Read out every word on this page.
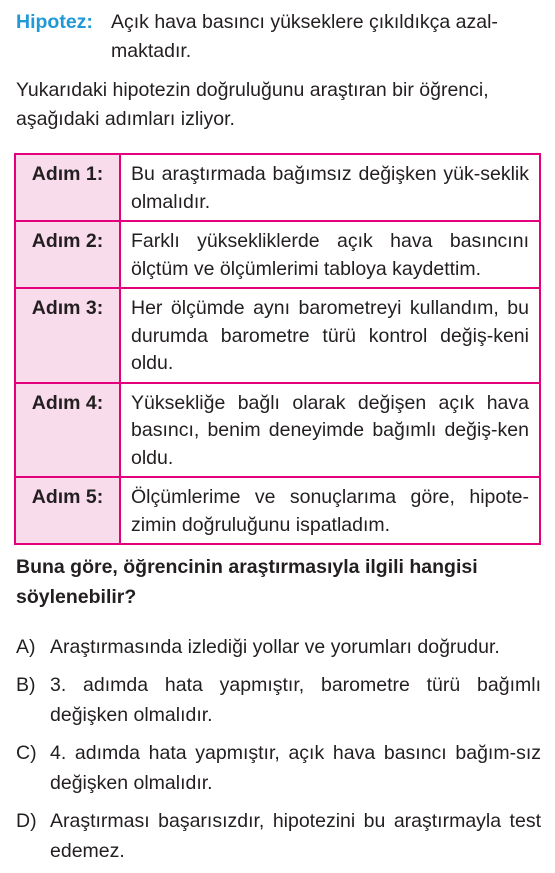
Hipotez: Açık hava basıncı yükseklere çıkıldıkça azal-
maktadır.
Yukarıdaki hipotezin doğruluğunu araştıran bir öğrenci, aşağıdaki adımları izliyor.
Adım 1:	Bu araştırmada bağımsız değişken yük-seklik olmalıdır.
Adım 2:	Farklı yüksekliklerde açık hava basıncını ölçtüm ve ölçümlerimi tabloya kaydettim.
Adım 3:	Her ölçümde aynı barometreyi kullandım, bu durumda barometre türü kontrol değiş-keni oldu.
Adım 4:	Yüksekliğe bağlı olarak değişen açık hava basıncı, benim deneyimde bağımlı değiş-ken oldu.
Adım 5:	Ölçümlerime ve sonuçlarıma göre, hipote-zimin doğruluğunu ispatladım.
Buna göre, öğrencinin araştırmasıyla ilgili hangisi söylenebilir?
A) Araştırmasında izlediği yollar ve yorumları doğrudur.
B) 3. adımda hata yapmıştır, barometre türü bağımlı değişken olmalıdır.
C) 4. adımda hata yapmıştır, açık hava basıncı bağım-sız değişken olmalıdır.
D) Araştırması başarısızdır, hipotezini bu araştırmayla test edemez.
